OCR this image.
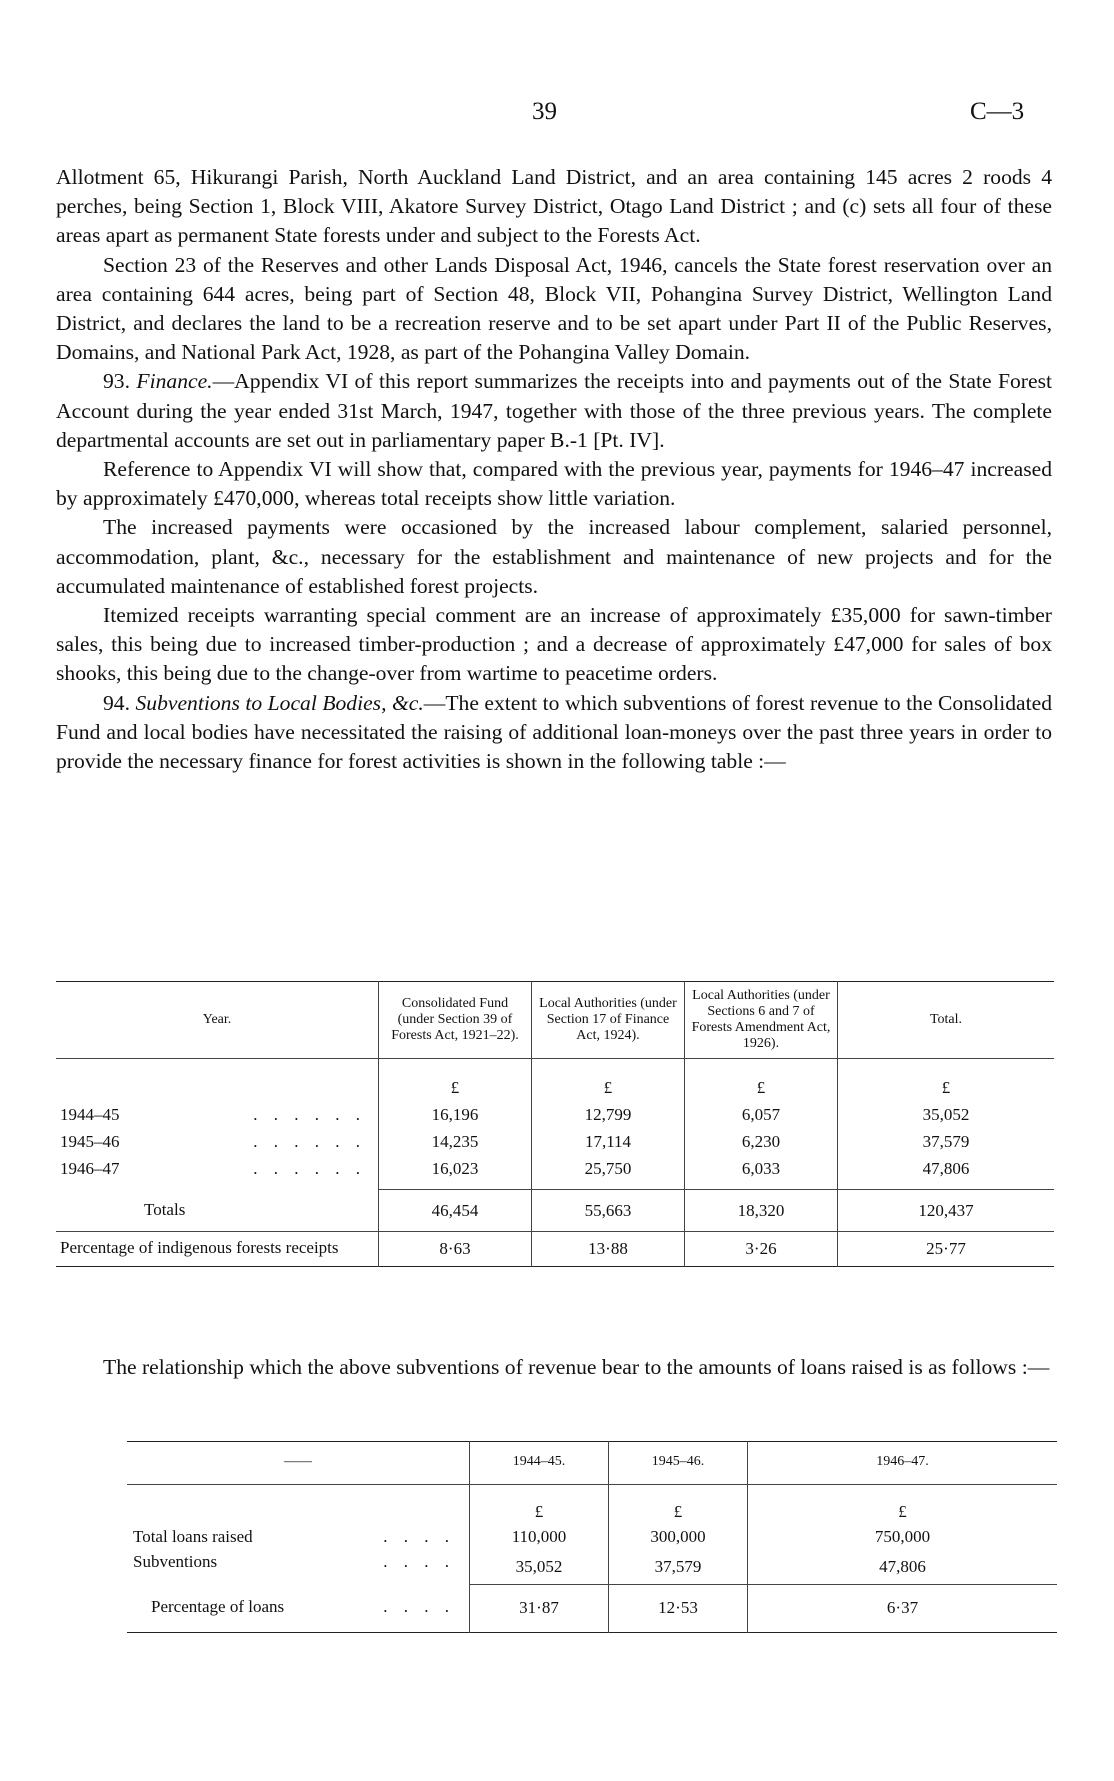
39	C—3

Allotment 65, Hikurangi Parish, North Auckland Land District, and an area containing 145 acres 2 roods 4 perches, being Section 1, Block VIII, Akatore Survey District, Otago Land District ; and (c) sets all four of these areas apart as permanent State forests under and subject to the Forests Act.

Section 23 of the Reserves and other Lands Disposal Act, 1946, cancels the State forest reservation over an area containing 644 acres, being part of Section 48, Block VII, Pohangina Survey District, Wellington Land District, and declares the land to be a recreation reserve and to be set apart under Part II of the Public Reserves, Domains, and National Park Act, 1928, as part of the Pohangina Valley Domain.

93. Finance.—Appendix VI of this report summarizes the receipts into and payments out of the State Forest Account during the year ended 31st March, 1947, together with those of the three previous years. The complete departmental accounts are set out in parliamentary paper B.-1 [Pt. IV].

Reference to Appendix VI will show that, compared with the previous year, payments for 1946–47 increased by approximately £470,000, whereas total receipts show little variation.

The increased payments were occasioned by the increased labour complement, salaried personnel, accommodation, plant, &c., necessary for the establishment and maintenance of new projects and for the accumulated maintenance of established forest projects.

Itemized receipts warranting special comment are an increase of approximately £35,000 for sawn-timber sales, this being due to increased timber-production ; and a decrease of approximately £47,000 for sales of box shooks, this being due to the change-over from wartime to peacetime orders.

94. Subventions to Local Bodies, &c.—The extent to which subventions of forest revenue to the Consolidated Fund and local bodies have necessitated the raising of additional loan-moneys over the past three years in order to provide the necessary finance for forest activities is shown in the following table :—

Year.	Consolidated Fund (under Section 39 of Forests Act, 1921–22).	Local Authorities (under Section 17 of Finance Act, 1924).	Local Authorities (under Sections 6 and 7 of Forests Amendment Act, 1926).	Total.
	£	£	£	£
1944–45 . . . . . .	16,196	12,799	6,057	35,052
1945–46 . . . . . .	14,235	17,114	6,230	37,579
1946–47 . . . . . .	16,023	25,750	6,033	47,806
Totals	46,454	55,663	18,320	120,437
Percentage of indigenous forests receipts	8·63	13·88	3·26	25·77

The relationship which the above subventions of revenue bear to the amounts of loans raised is as follows :—

——	1944–45.	1945–46.	1946–47.
	£	£	£
Total loans raised . . . .	110,000	300,000	750,000
Subventions . . . .	35,052	37,579	47,806
Percentage of loans . . . .	31·87	12·53	6·37
